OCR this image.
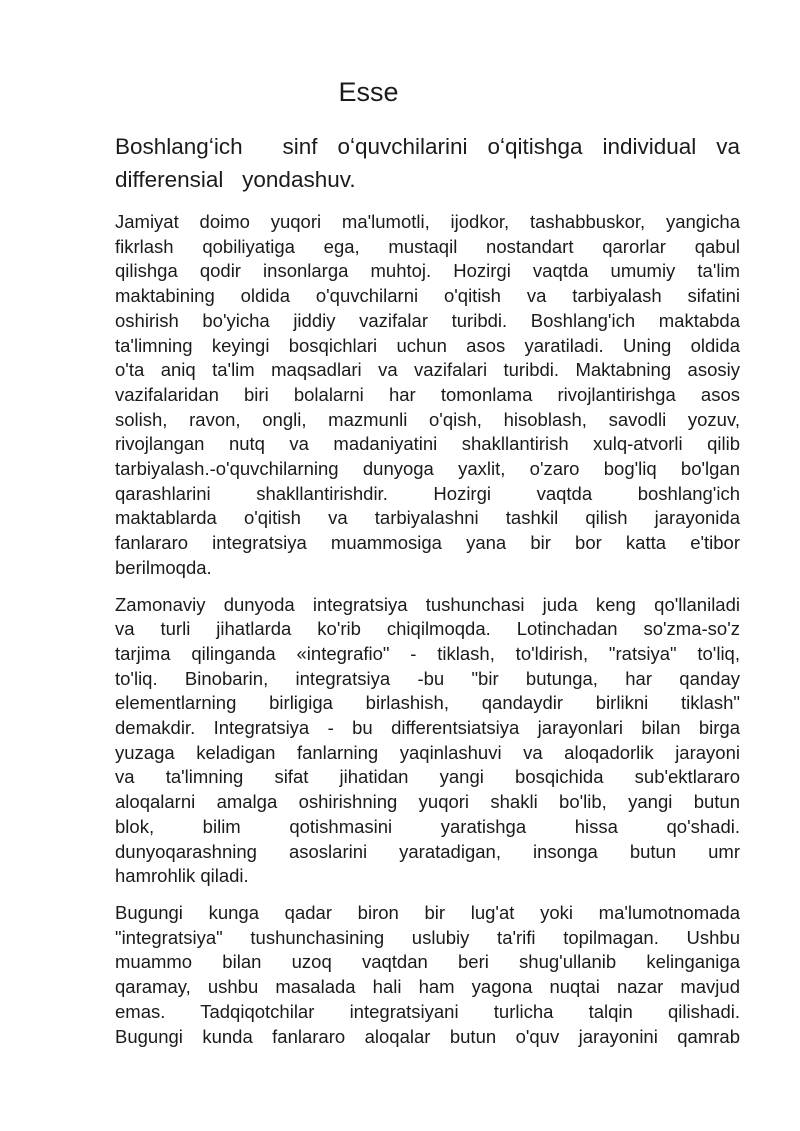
Esse
Boshlangʻich  sinf oʻquvchilarini oʻqitishga individual va
differensial   yondashuv.
Jamiyat doimo yuqori ma'lumotli, ijodkor, tashabbuskor, yangicha
fikrlash qobiliyatiga ega, mustaqil nostandart qarorlar qabul
qilishga qodir insonlarga muhtoj. Hozirgi vaqtda umumiy ta'lim
maktabining oldida o'quvchilarni o'qitish va tarbiyalash sifatini
oshirish bo'yicha jiddiy vazifalar turibdi. Boshlang'ich maktabda
ta'limning keyingi bosqichlari uchun asos yaratiladi. Uning oldida
o'ta aniq ta'lim maqsadlari va vazifalari turibdi. Maktabning asosiy
vazifalaridan biri bolalarni har tomonlama rivojlantirishga asos
solish, ravon, ongli, mazmunli o'qish, hisoblash, savodli yozuv,
rivojlangan nutq va madaniyatini shakllantirish xulq-atvorli qilib
tarbiyalash.-o'quvchilarning dunyoga yaxlit, o'zaro bog'liq bo'lgan
qarashlarini shakllantirishdir. Hozirgi vaqtda boshlang'ich
maktablarda o'qitish va tarbiyalashni tashkil qilish jarayonida
fanlararo integratsiya muammosiga yana bir bor katta e'tibor
berilmoqda.
Zamonaviy dunyoda integratsiya tushunchasi juda keng qo'llaniladi
va turli jihatlarda ko'rib chiqilmoqda. Lotinchadan so'zma-so'z
tarjima qilinganda «integrafio" - tiklash, to'ldirish, "ratsiya" to'liq,
to'liq. Binobarin, integratsiya -bu "bir butunga, har qanday
elementlarning birligiga birlashish, qandaydir birlikni tiklash"
demakdir. Integratsiya - bu differentsiatsiya jarayonlari bilan birga
yuzaga keladigan fanlarning yaqinlashuvi va aloqadorlik jarayoni
va ta'limning sifat jihatidan yangi bosqichida sub'ektlararo
aloqalarni amalga oshirishning yuqori shakli bo'lib, yangi butun
blok, bilim qotishmasini yaratishga hissa qo'shadi.
dunyoqarashning asoslarini yaratadigan, insonga butun umr
hamrohlik qiladi.
Bugungi kunga qadar biron bir lug'at yoki ma'lumotnomada
"integratsiya" tushunchasining uslubiy ta'rifi topilmagan. Ushbu
muammo bilan uzoq vaqtdan beri shug'ullanib kelinganiga
qaramay, ushbu masalada hali ham yagona nuqtai nazar mavjud
emas. Tadqiqotchilar integratsiyani turlicha talqin qilishadi.
Bugungi kunda fanlararo aloqalar butun o'quv jarayonini qamrab
